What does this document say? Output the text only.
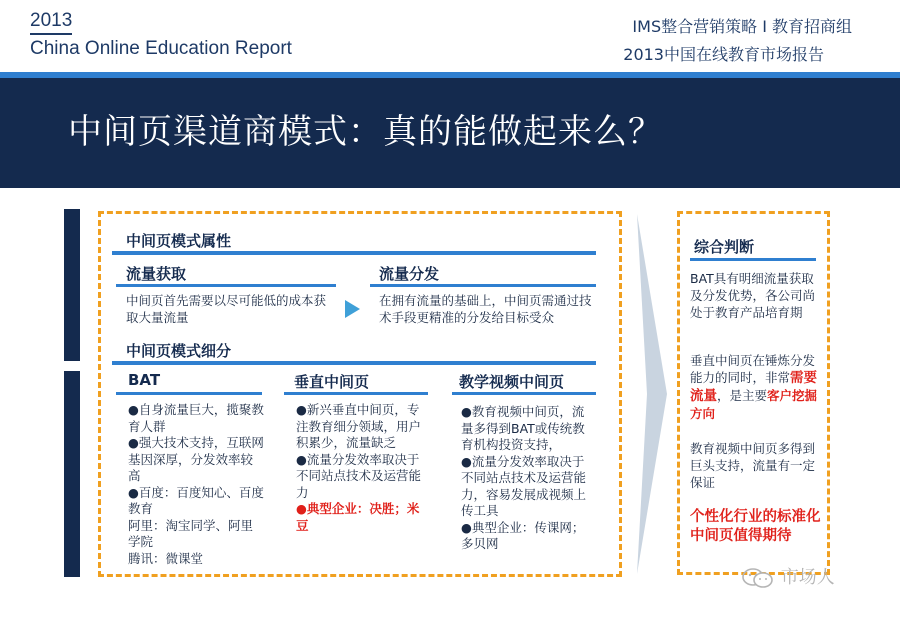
2013
China Online Education Report
IMS整合营销策略 I 教育招商组
2013中国在线教育市场报告
中间页渠道商模式：真的能做起来么？
中间页模式属性
流量获取
中间页首先需要以尽可能低的成本获取大量流量
流量分发
在拥有流量的基础上，中间页需通过技术手段更精准的分发给目标受众
中间页模式细分
BAT
●自身流量巨大，揽聚教育人群
●强大技术支持，互联网基因深厚，分发效率较高
●百度：百度知心、百度教育
阿里：淘宝同学、阿里学院
腾讯：微课堂
垂直中间页
●新兴垂直中间页，专注教育细分领域，用户积累少，流量缺乏
●流量分发效率取决于不同站点技术及运营能力
●典型企业：决胜；米豆
教学视频中间页
●教育视频中间页，流量多得到BAT或传统教育机构投资支持，
●流量分发效率取决于不同站点技术及运营能力，容易发展成视频上传工具
●典型企业：传课网；多贝网
综合判断
BAT具有明细流量获取及分发优势，各公司尚处于教育产品培育期
垂直中间页在锤炼分发能力的同时，非常需要流量，是主要客户挖掘方向
教育视频中间页多得到巨头支持，流量有一定保证
个性化行业的标准化中间页值得期待
市场人
